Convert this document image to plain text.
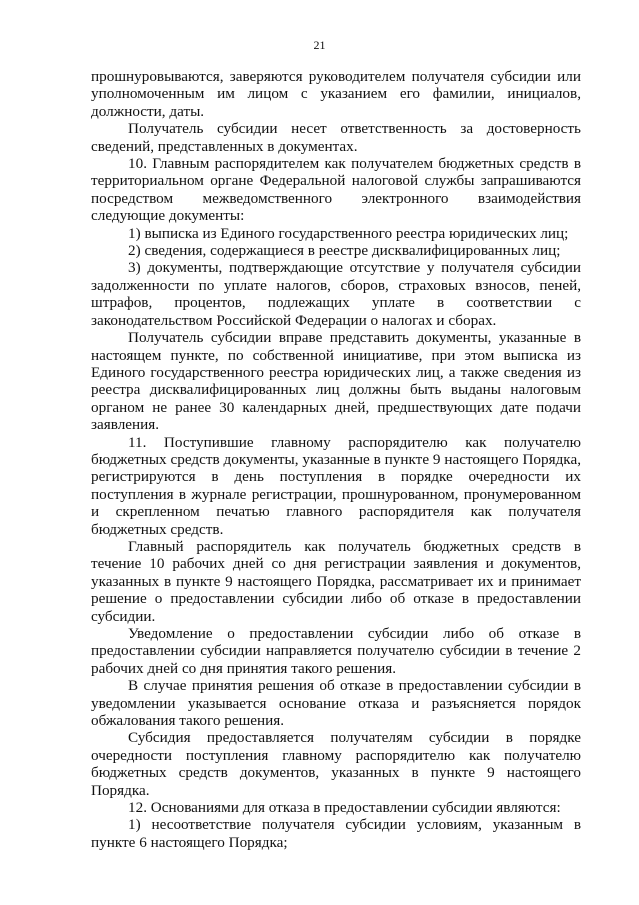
21

прошнуровываются, заверяются руководителем получателя субсидии или уполномоченным им лицом с указанием его фамилии, инициалов, должности, даты.

Получатель субсидии несет ответственность за достоверность сведений, представленных в документах.

10. Главным распорядителем как получателем бюджетных средств в территориальном органе Федеральной налоговой службы запрашиваются посредством межведомственного электронного взаимодействия следующие документы:

1) выписка из Единого государственного реестра юридических лиц;

2) сведения, содержащиеся в реестре дисквалифицированных лиц;

3) документы, подтверждающие отсутствие у получателя субсидии задолженности по уплате налогов, сборов, страховых взносов, пеней, штрафов, процентов, подлежащих уплате в соответствии с законодательством Российской Федерации о налогах и сборах.

Получатель субсидии вправе представить документы, указанные в настоящем пункте, по собственной инициативе, при этом выписка из Единого государственного реестра юридических лиц, а также сведения из реестра дисквалифицированных лиц должны быть выданы налоговым органом не ранее 30 календарных дней, предшествующих дате подачи заявления.

11. Поступившие главному распорядителю как получателю бюджетных средств документы, указанные в пункте 9 настоящего Порядка, регистрируются в день поступления в порядке очередности их поступления в журнале регистрации, прошнурованном, пронумерованном и скрепленном печатью главного распорядителя как получателя бюджетных средств.

Главный распорядитель как получатель бюджетных средств в течение 10 рабочих дней со дня регистрации заявления и документов, указанных в пункте 9 настоящего Порядка, рассматривает их и принимает решение о предоставлении субсидии либо об отказе в предоставлении субсидии.

Уведомление о предоставлении субсидии либо об отказе в предоставлении субсидии направляется получателю субсидии в течение 2 рабочих дней со дня принятия такого решения.

В случае принятия решения об отказе в предоставлении субсидии в уведомлении указывается основание отказа и разъясняется порядок обжалования такого решения.

Субсидия предоставляется получателям субсидии в порядке очередности поступления главному распорядителю как получателю бюджетных средств документов, указанных в пункте 9 настоящего Порядка.

12. Основаниями для отказа в предоставлении субсидии являются:

1) несоответствие получателя субсидии условиям, указанным в пункте 6 настоящего Порядка;
